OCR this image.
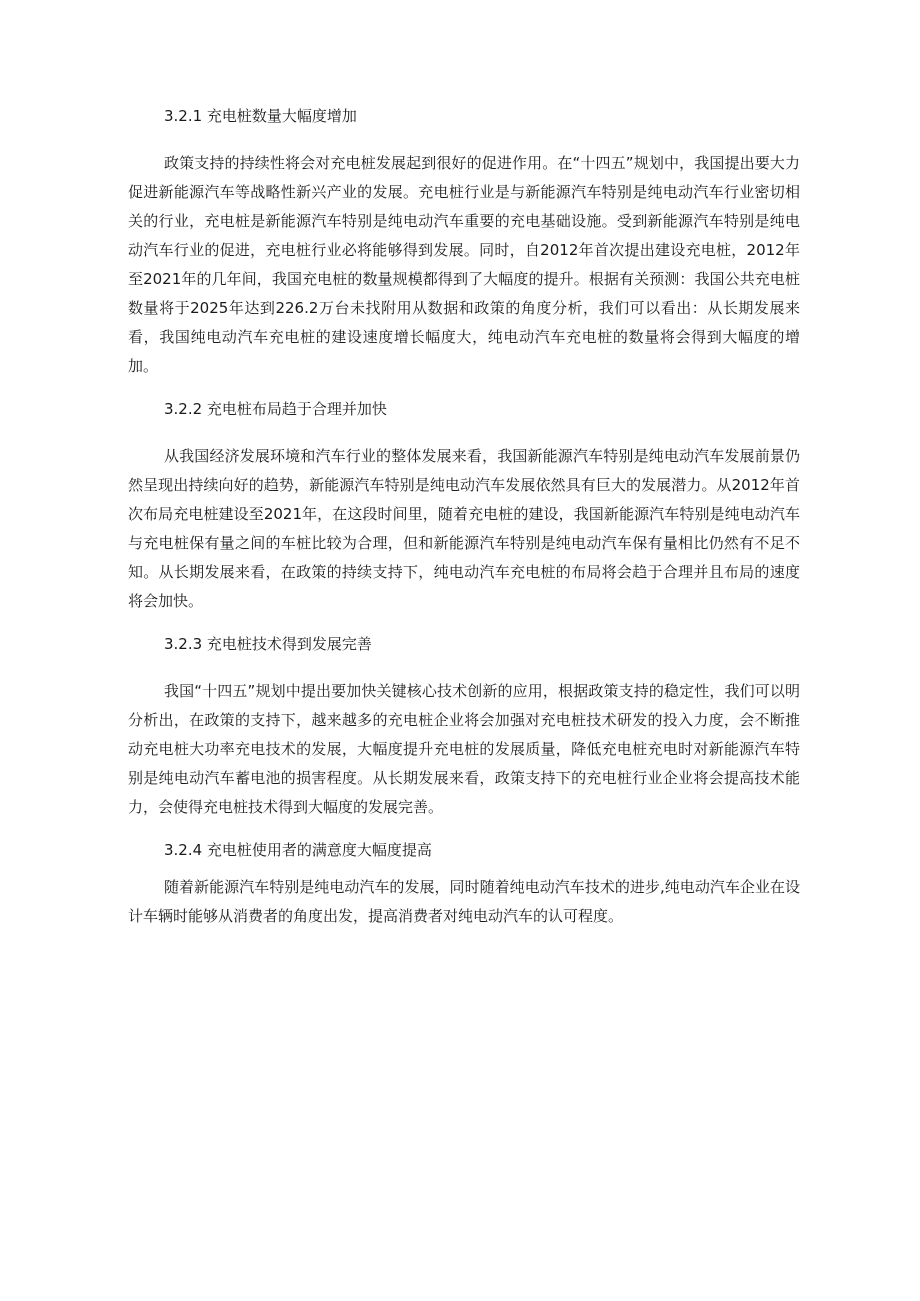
3.2.1 充电桩数量大幅度增加

政策支持的持续性将会对充电桩发展起到很好的促进作用。在“十四五”规划中，我国提出要大力促进新能源汽车等战略性新兴产业的发展。充电桩行业是与新能源汽车特别是纯电动汽车行业密切相关的行业，充电桩是新能源汽车特别是纯电动汽车重要的充电基础设施。受到新能源汽车特别是纯电动汽车行业的促进，充电桩行业必将能够得到发展。同时，自2012年首次提出建设充电桩，2012年至2021年的几年间，我国充电桩的数量规模都得到了大幅度的提升。根据有关预测：我国公共充电桩数量将于2025年达到226.2万台未找附用从数据和政策的角度分析，我们可以看出：从长期发展来看，我国纯电动汽车充电桩的建设速度增长幅度大，纯电动汽车充电桩的数量将会得到大幅度的增加。

3.2.2 充电桩布局趋于合理并加快

从我国经济发展环境和汽车行业的整体发展来看，我国新能源汽车特别是纯电动汽车发展前景仍然呈现出持续向好的趋势，新能源汽车特别是纯电动汽车发展依然具有巨大的发展潜力。从2012年首次布局充电桩建设至2021年，在这段时间里，随着充电桩的建设，我国新能源汽车特别是纯电动汽车与充电桩保有量之间的车桩比较为合理，但和新能源汽车特别是纯电动汽车保有量相比仍然有不足不知。从长期发展来看，在政策的持续支持下，纯电动汽车充电桩的布局将会趋于合理并且布局的速度将会加快。

3.2.3 充电桩技术得到发展完善

我国“十四五”规划中提出要加快关键核心技术创新的应用，根据政策支持的稳定性，我们可以明分析出，在政策的支持下，越来越多的充电桩企业将会加强对充电桩技术研发的投入力度，会不断推动充电桩大功率充电技术的发展，大幅度提升充电桩的发展质量，降低充电桩充电时对新能源汽车特别是纯电动汽车蓄电池的损害程度。从长期发展来看，政策支持下的充电桩行业企业将会提高技术能力，会使得充电桩技术得到大幅度的发展完善。

3.2.4 充电桩使用者的满意度大幅度提高

随着新能源汽车特别是纯电动汽车的发展，同时随着纯电动汽车技术的进步,纯电动汽车企业在设计车辆时能够从消费者的角度出发，提高消费者对纯电动汽车的认可程度。
